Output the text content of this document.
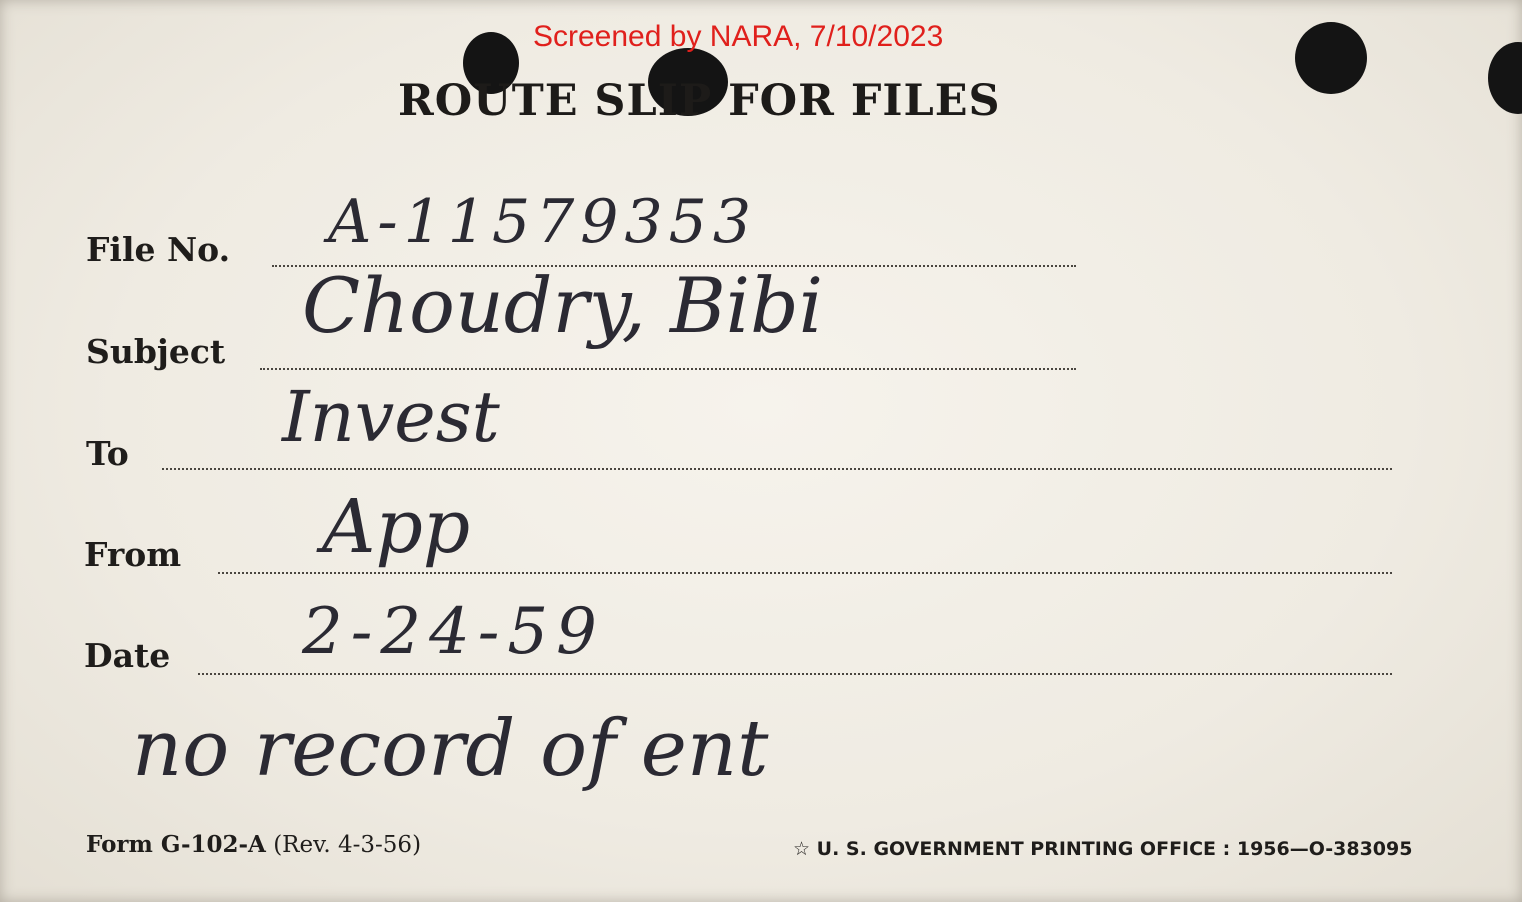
Screened by NARA, 7/10/2023
ROUTE SLIP FOR FILES
File No. A-11579353
Subject
Choudry, Bibi
To Invest
From App
Date 2-24-59
no record of ent
Form G-102-A (Rev. 4-3-56)	☆ U. S. GOVERNMENT PRINTING OFFICE : 1956—O-383095
